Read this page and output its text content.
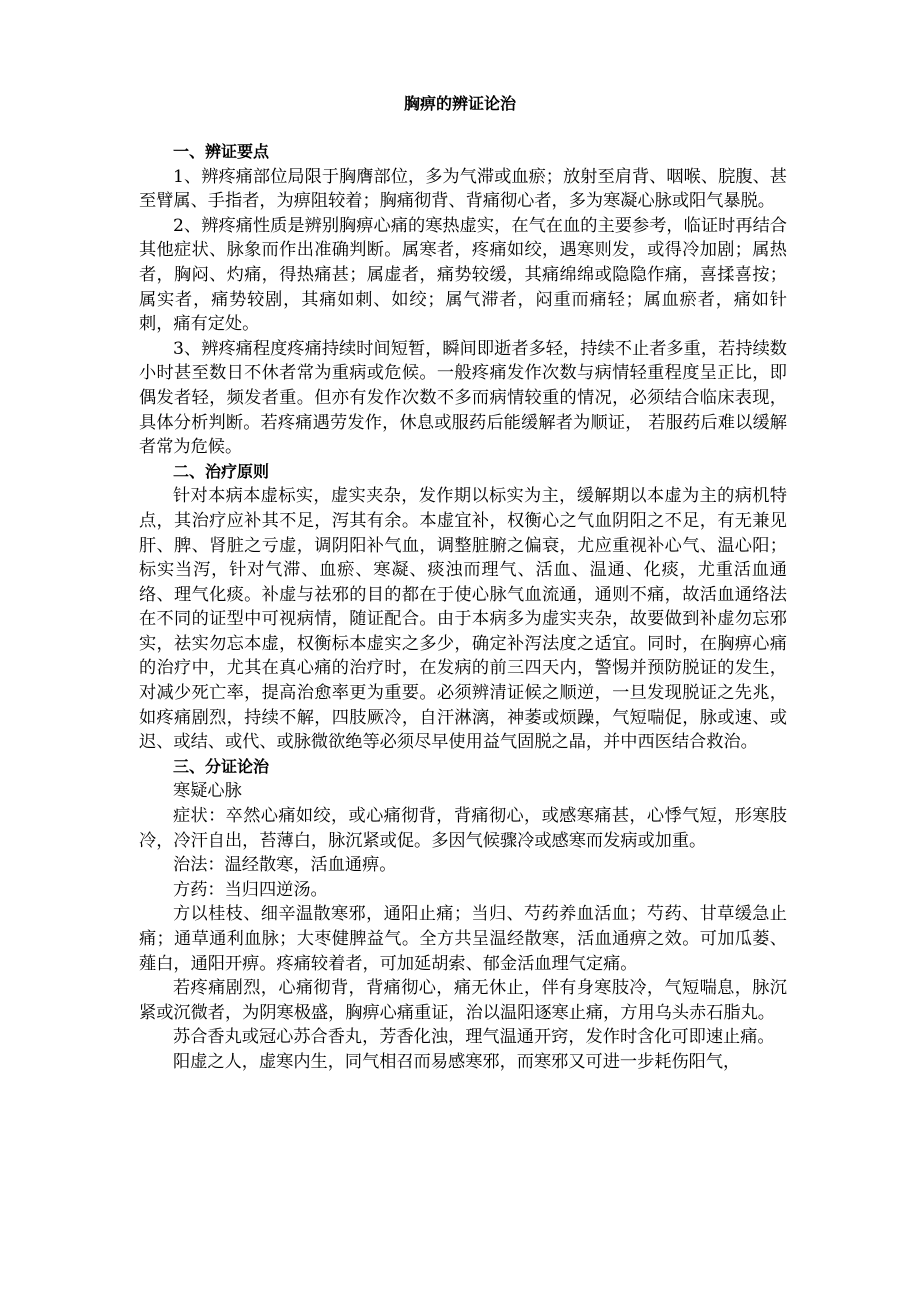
胸痹的辨证论治

一、辨证要点

1、辨疼痛部位局限于胸膺部位，多为气滞或血瘀；放射至肩背、咽喉、脘腹、甚至臂属、手指者，为痹阻较着；胸痛彻背、背痛彻心者，多为寒凝心脉或阳气暴脱。

2、辨疼痛性质是辨别胸痹心痛的寒热虚实，在气在血的主要参考，临证时再结合其他症状、脉象而作出准确判断。属寒者，疼痛如绞，遇寒则发，或得冷加剧；属热者，胸闷、灼痛，得热痛甚；属虚者，痛势较缓，其痛绵绵或隐隐作痛，喜揉喜按；属实者，痛势较剧，其痛如刺、如绞；属气滞者，闷重而痛轻；属血瘀者，痛如针刺，痛有定处。

3、辨疼痛程度疼痛持续时间短暂，瞬间即逝者多轻，持续不止者多重，若持续数小时甚至数日不休者常为重病或危候。一般疼痛发作次数与病情轻重程度呈正比，即偶发者轻，频发者重。但亦有发作次数不多而病情较重的情况，必须结合临床表现，具体分析判断。若疼痛遇劳发作，休息或服药后能缓解者为顺证， 若服药后难以缓解者常为危候。

二、治疗原则

针对本病本虚标实，虚实夹杂，发作期以标实为主，缓解期以本虚为主的病机特点，其治疗应补其不足，泻其有余。本虚宜补，权衡心之气血阴阳之不足，有无兼见肝、脾、肾脏之亏虚，调阴阳补气血，调整脏腑之偏衰，尤应重视补心气、温心阳；标实当泻，针对气滞、血瘀、寒凝、痰浊而理气、活血、温通、化痰，尤重活血通络、理气化痰。补虚与祛邪的目的都在于使心脉气血流通，通则不痛，故活血通络法在不同的证型中可视病情，随证配合。由于本病多为虚实夹杂，故要做到补虚勿忘邪实，祛实勿忘本虚，权衡标本虚实之多少，确定补泻法度之适宜。同时，在胸痹心痛的治疗中，尤其在真心痛的治疗时，在发病的前三四天内，警惕并预防脱证的发生，对减少死亡率，提高治愈率更为重要。必须辨清证候之顺逆，一旦发现脱证之先兆，如疼痛剧烈，持续不解，四肢厥冷，自汗淋漓，神萎或烦躁，气短喘促，脉或速、或迟、或结、或代、或脉微欲绝等必须尽早使用益气固脱之晶，并中西医结合救治。

三、分证论治

寒疑心脉

症状：卒然心痛如绞，或心痛彻背，背痛彻心，或感寒痛甚，心悸气短，形寒肢冷，冷汗自出，苔薄白，脉沉紧或促。多因气候骤冷或感寒而发病或加重。

治法：温经散寒，活血通痹。

方药：当归四逆汤。

方以桂枝、细辛温散寒邪，通阳止痛；当归、芍药养血活血；芍药、甘草缓急止痛；通草通利血脉；大枣健脾益气。全方共呈温经散寒，活血通痹之效。可加瓜蒌、薤白，通阳开痹。疼痛较着者，可加延胡索、郁金活血理气定痛。

若疼痛剧烈，心痛彻背，背痛彻心，痛无休止，伴有身寒肢冷，气短喘息，脉沉紧或沉微者，为阴寒极盛，胸痹心痛重证，治以温阳逐寒止痛，方用乌头赤石脂丸。

苏合香丸或冠心苏合香丸，芳香化浊，理气温通开窍，发作时含化可即速止痛。

阳虚之人，虚寒内生，同气相召而易感寒邪，而寒邪又可进一步耗伤阳气，
